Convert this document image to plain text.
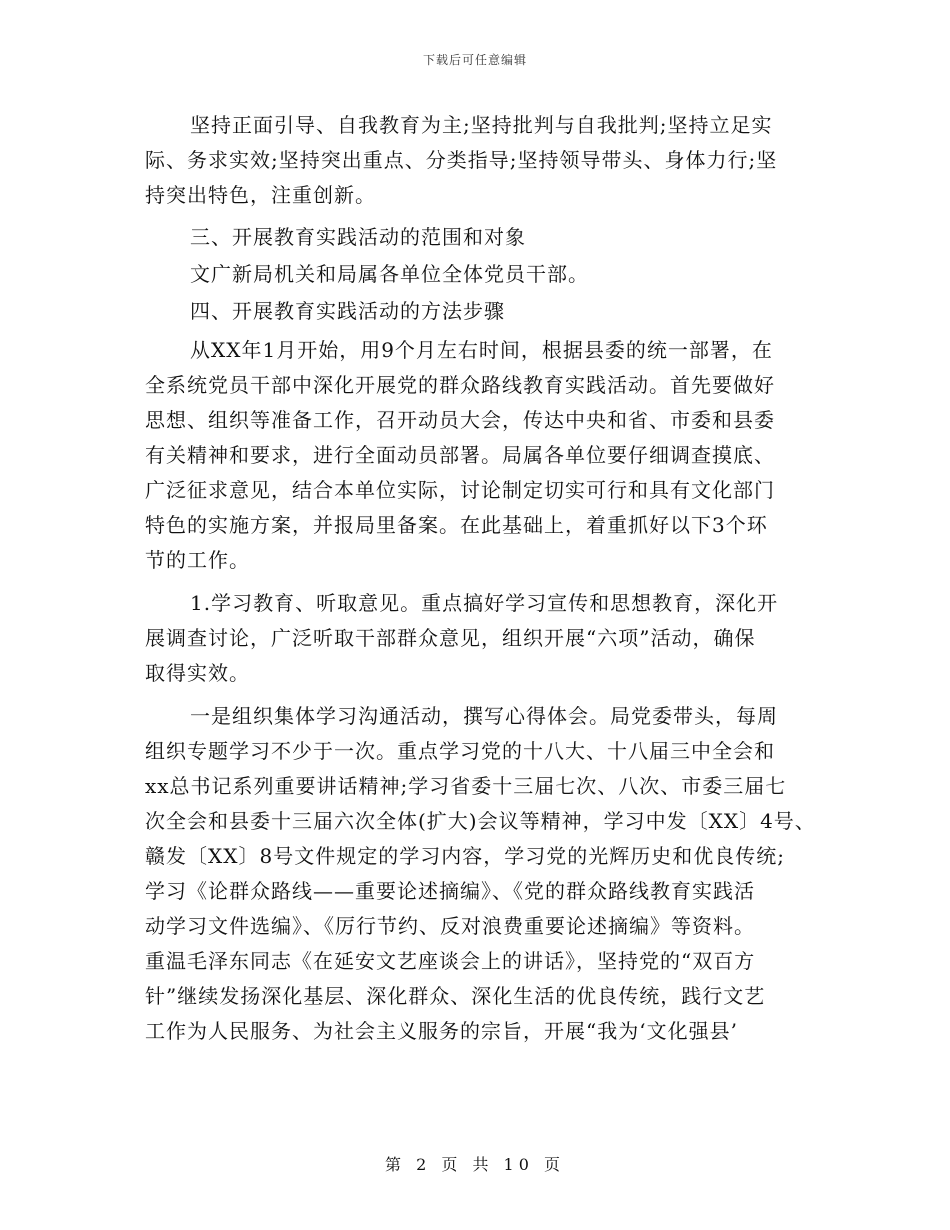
下载后可任意编辑
坚持正面引导、自我教育为主;坚持批判与自我批判;坚持立足实
际、务求实效;坚持突出重点、分类指导;坚持领导带头、身体力行;坚
持突出特色，注重创新。
三、开展教育实践活动的范围和对象
文广新局机关和局属各单位全体党员干部。
四、开展教育实践活动的方法步骤
从XX年1月开始，用9个月左右时间，根据县委的统一部署，在
全系统党员干部中深化开展党的群众路线教育实践活动。首先要做好
思想、组织等准备工作，召开动员大会，传达中央和省、市委和县委
有关精神和要求，进行全面动员部署。局属各单位要仔细调查摸底、
广泛征求意见，结合本单位实际，讨论制定切实可行和具有文化部门
特色的实施方案，并报局里备案。在此基础上，着重抓好以下3个环
节的工作。
1.学习教育、听取意见。重点搞好学习宣传和思想教育，深化开
展调查讨论，广泛听取干部群众意见，组织开展“六项”活动，确保
取得实效。
一是组织集体学习沟通活动，撰写心得体会。局党委带头，每周
组织专题学习不少于一次。重点学习党的十八大、十八届三中全会和
xx总书记系列重要讲话精神;学习省委十三届七次、八次、市委三届七
次全会和县委十三届六次全体(扩大)会议等精神，学习中发〔XX〕4号、
赣发〔XX〕8号文件规定的学习内容，学习党的光辉历史和优良传统;
学习《论群众路线——重要论述摘编》、《党的群众路线教育实践活
动学习文件选编》、《厉行节约、反对浪费重要论述摘编》等资料。
重温毛泽东同志《在延安文艺座谈会上的讲话》，坚持党的“双百方
针”继续发扬深化基层、深化群众、深化生活的优良传统，践行文艺
工作为人民服务、为社会主义服务的宗旨，开展“我为‘文化强县’
第 2 页 共 10 页
